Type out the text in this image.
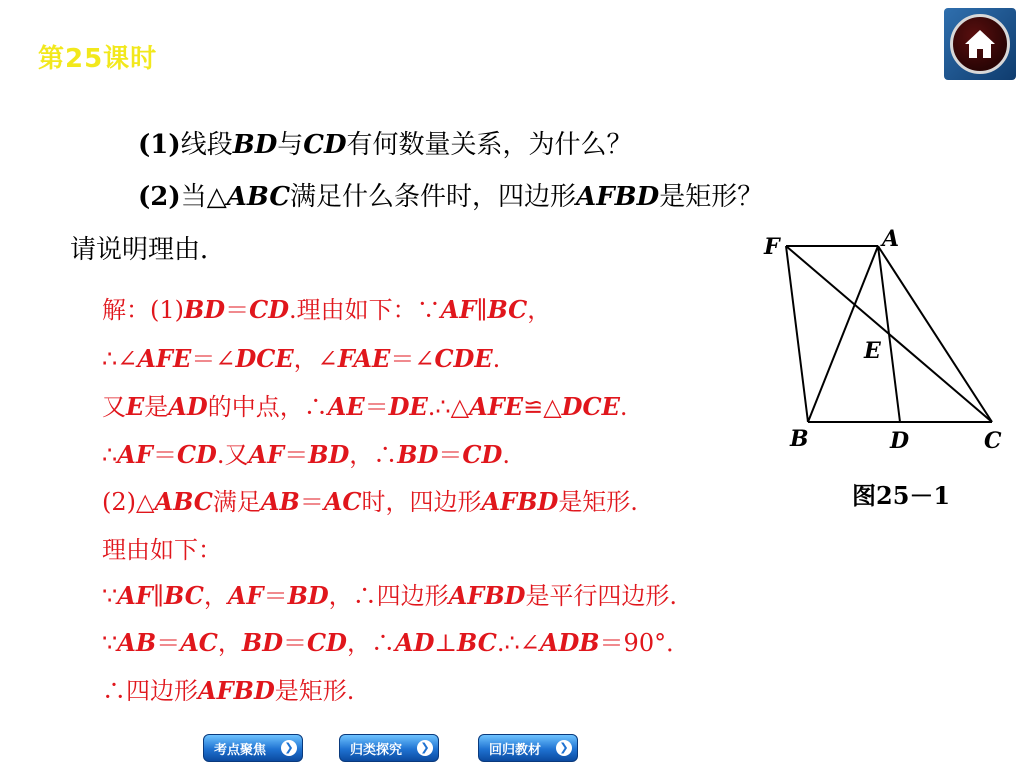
第25课时
(1)线段BD与CD有何数量关系，为什么？
(2)当△ABC满足什么条件时，四边形AFBD是矩形？
请说明理由．
解：(1)BD＝CD.理由如下：∵AF∥BC，
∴∠AFE＝∠DCE，∠FAE＝∠CDE.
又E是AD的中点，∴AE＝DE.∴△AFE≌△DCE.
∴AF＝CD.又AF＝BD，∴BD＝CD.
(2)△ABC满足AB＝AC时，四边形AFBD是矩形.
理由如下：
∵AF∥BC，AF＝BD，∴四边形AFBD是平行四边形.
∵AB＝AC，BD＝CD，∴AD⊥BC.∴∠ADB＝90°．
∴四边形AFBD是矩形.
F	A
E
B	D	C
图25－1
考点聚焦	❯	归类探究	❯	回归教材	❯
